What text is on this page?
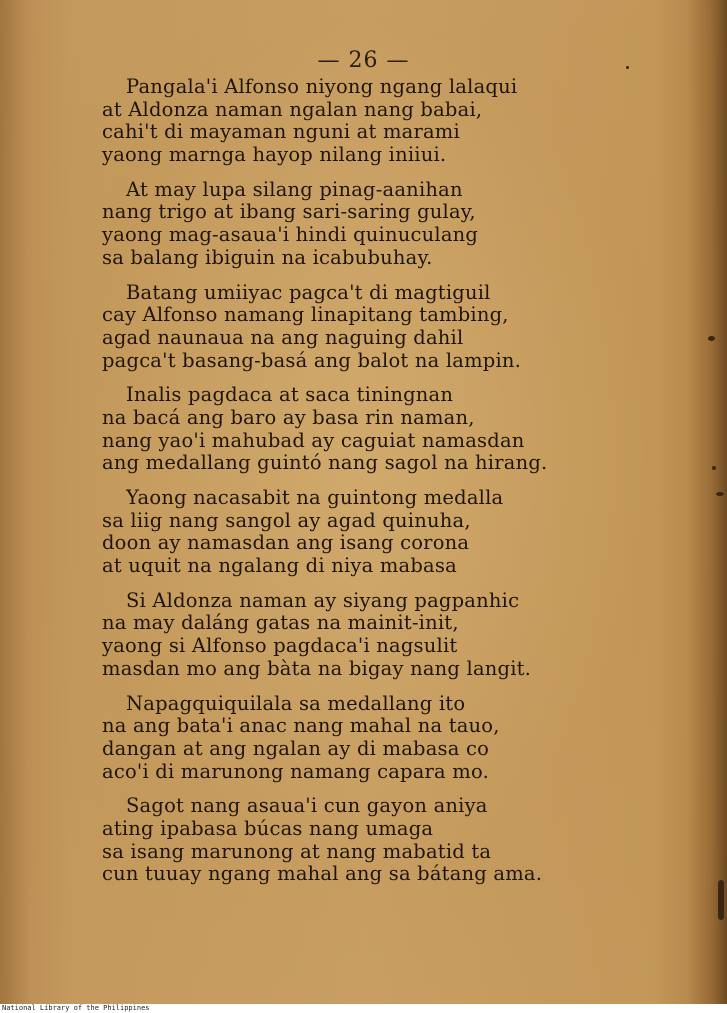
— 26 —
Pangala'i Alfonso niyong ngang lalaqui
at Aldonza naman ngalan nang babai,
cahi't di mayaman nguni at marami
yaong marnga hayop nilang iniiui.
At may lupa silang pinag-aanihan
nang trigo at ibang sari-saring gulay,
yaong mag-asaua'i hindi quinuculang
sa balang ibiguin na icabubuhay.
Batang umiiyac pagca't di magtiguil
cay Alfonso namang linapitang tambing,
agad naunaua na ang naguing dahil
pagca't basang-basá ang balot na lampin.
Inalis pagdaca at saca tiningnan
na bacá ang baro ay basa rin naman,
nang yao'i mahubad ay caguiat namasdan
ang medallang guintó nang sagol na hirang.
Yaong nacasabit na guintong medalla
sa liig nang sangol ay agad quinuha,
doon ay namasdan ang isang corona
at uquit na ngalang di niya mabasa
Si Aldonza naman ay siyang pagpanhic
na may daláng gatas na mainit-init,
yaong si Alfonso pagdaca'i nagsulit
masdan mo ang bàta na bigay nang langit.
Napagquiquilala sa medallang ito
na ang bata'i anac nang mahal na tauo,
dangan at ang ngalan ay di mabasa co
aco'i di marunong namang capara mo.
Sagot nang asaua'i cun gayon aniya
ating ipabasa búcas nang umaga
sa isang marunong at nang mabatid ta
cun tuuay ngang mahal ang sa bátang ama.
National Library of the Philippines
